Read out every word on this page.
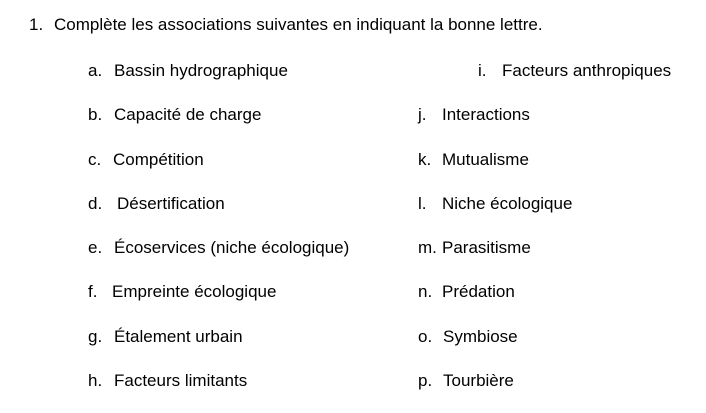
1. Complète les associations suivantes en indiquant la bonne lettre.
a. Bassin hydrographique
b. Capacité de charge
c. Compétition
d. Désertification
e. Écoservices (niche écologique)
f. Empreinte écologique
g. Étalement urbain
h. Facteurs limitants
i. Facteurs anthropiques
j. Interactions
k. Mutualisme
l. Niche écologique
m. Parasitisme
n. Prédation
o. Symbiose
p. Tourbière
